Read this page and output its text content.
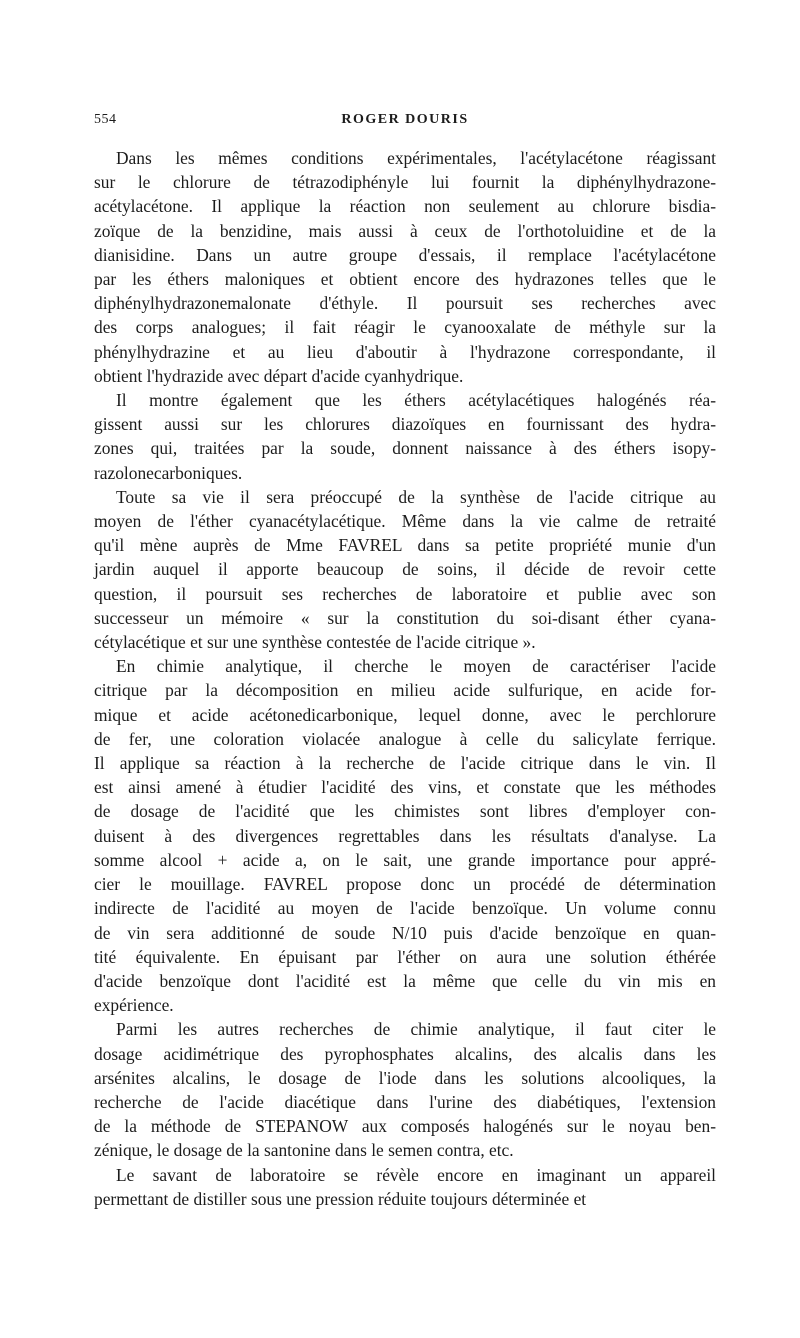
554	ROGER DOURIS

Dans les mêmes conditions expérimentales, l'acétylacétone réagissant
sur le chlorure de tétrazodiphényle lui fournit la diphénylhydrazone-
acétylacétone. Il applique la réaction non seulement au chlorure bisdia-
zoïque de la benzidine, mais aussi à ceux de l'orthotoluidine et de la
dianisidine. Dans un autre groupe d'essais, il remplace l'acétylacétone
par les éthers maloniques et obtient encore des hydrazones telles que le
diphénylhydrazonemalonate d'éthyle. Il poursuit ses recherches avec
des corps analogues; il fait réagir le cyanooxalate de méthyle sur la
phénylhydrazine et au lieu d'aboutir à l'hydrazone correspondante, il
obtient l'hydrazide avec départ d'acide cyanhydrique.

Il montre également que les éthers acétylacétiques halogénés réa-
gissent aussi sur les chlorures diazoïques en fournissant des hydra-
zones qui, traitées par la soude, donnent naissance à des éthers isopy-
razolonecarboniques.

Toute sa vie il sera préoccupé de la synthèse de l'acide citrique au
moyen de l'éther cyanacétylacétique. Même dans la vie calme de retraité
qu'il mène auprès de Mme FAVREL dans sa petite propriété munie d'un
jardin auquel il apporte beaucoup de soins, il décide de revoir cette
question, il poursuit ses recherches de laboratoire et publie avec son
successeur un mémoire « sur la constitution du soi-disant éther cyana-
cétylacétique et sur une synthèse contestée de l'acide citrique ».

En chimie analytique, il cherche le moyen de caractériser l'acide
citrique par la décomposition en milieu acide sulfurique, en acide for-
mique et acide acétonedicarbonique, lequel donne, avec le perchlorure
de fer, une coloration violacée analogue à celle du salicylate ferrique.
Il applique sa réaction à la recherche de l'acide citrique dans le vin. Il
est ainsi amené à étudier l'acidité des vins, et constate que les méthodes
de dosage de l'acidité que les chimistes sont libres d'employer con-
duisent à des divergences regrettables dans les résultats d'analyse. La
somme alcool + acide a, on le sait, une grande importance pour appré-
cier le mouillage. FAVREL propose donc un procédé de détermination
indirecte de l'acidité au moyen de l'acide benzoïque. Un volume connu
de vin sera additionné de soude N/10 puis d'acide benzoïque en quan-
tité équivalente. En épuisant par l'éther on aura une solution éthérée
d'acide benzoïque dont l'acidité est la même que celle du vin mis en
expérience.

Parmi les autres recherches de chimie analytique, il faut citer le
dosage acidimétrique des pyrophosphates alcalins, des alcalis dans les
arsénites alcalins, le dosage de l'iode dans les solutions alcooliques, la
recherche de l'acide diacétique dans l'urine des diabétiques, l'extension
de la méthode de STEPANOW aux composés halogénés sur le noyau ben-
zénique, le dosage de la santonine dans le semen contra, etc.

Le savant de laboratoire se révèle encore en imaginant un appareil
permettant de distiller sous une pression réduite toujours déterminée et
